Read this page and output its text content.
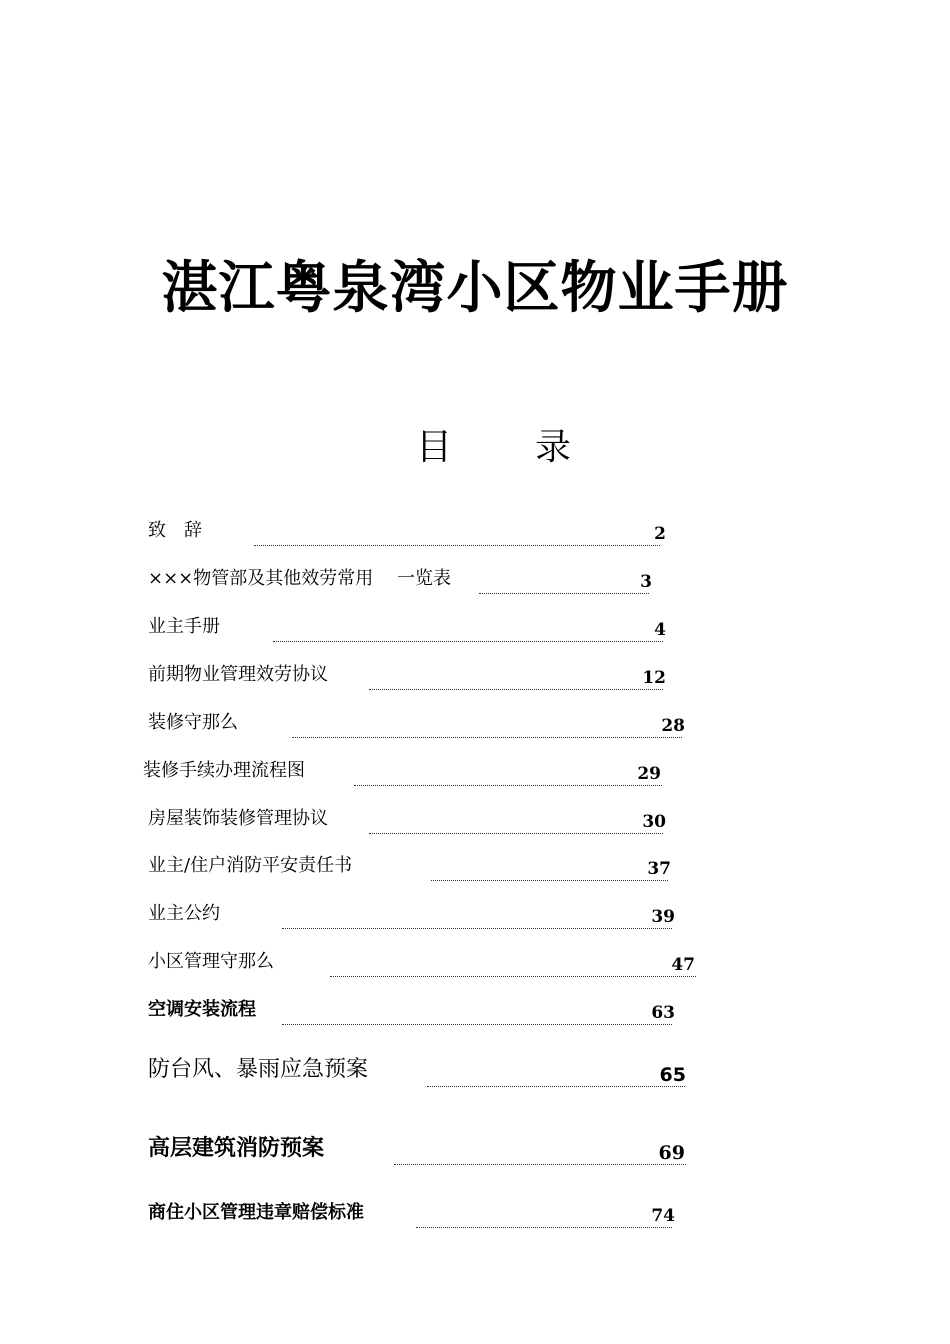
湛江粤泉湾小区物业手册
目 录
致　辞	2
×××物管部及其他效劳常用　 一览表	3
业主手册	4
前期物业管理效劳协议	12
装修守那么	28
装修手续办理流程图	29
房屋装饰装修管理协议	30
业主/住户消防平安责任书	37
业主公约	39
小区管理守那么	47
空调安装流程	63
防台风、暴雨应急预案	65
高层建筑消防预案	69
商住小区管理违章赔偿标准	74
